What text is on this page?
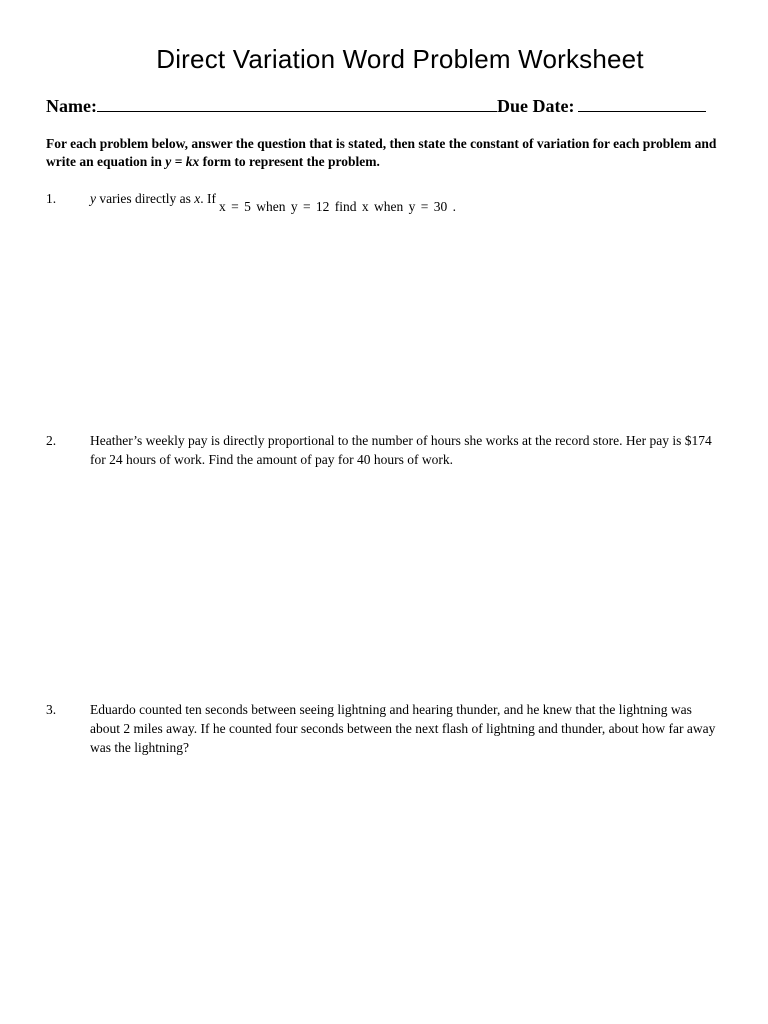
Direct Variation Word Problem Worksheet
Name:	Due Date:
For each problem below, answer the question that is stated, then state the constant of variation for each problem and write an equation in y = kx form to represent the problem.
1.	y varies directly as x. Ifx = 5 when y = 12 find x when y = 30 .
2.	Heather’s weekly pay is directly proportional to the number of hours she works at the record store. Her pay is $174 for 24 hours of work. Find the amount of pay for 40 hours of work.
3.	Eduardo counted ten seconds between seeing lightning and hearing thunder, and he knew that the lightning was about 2 miles away. If he counted four seconds between the next flash of lightning and thunder, about how far away was the lightning?
